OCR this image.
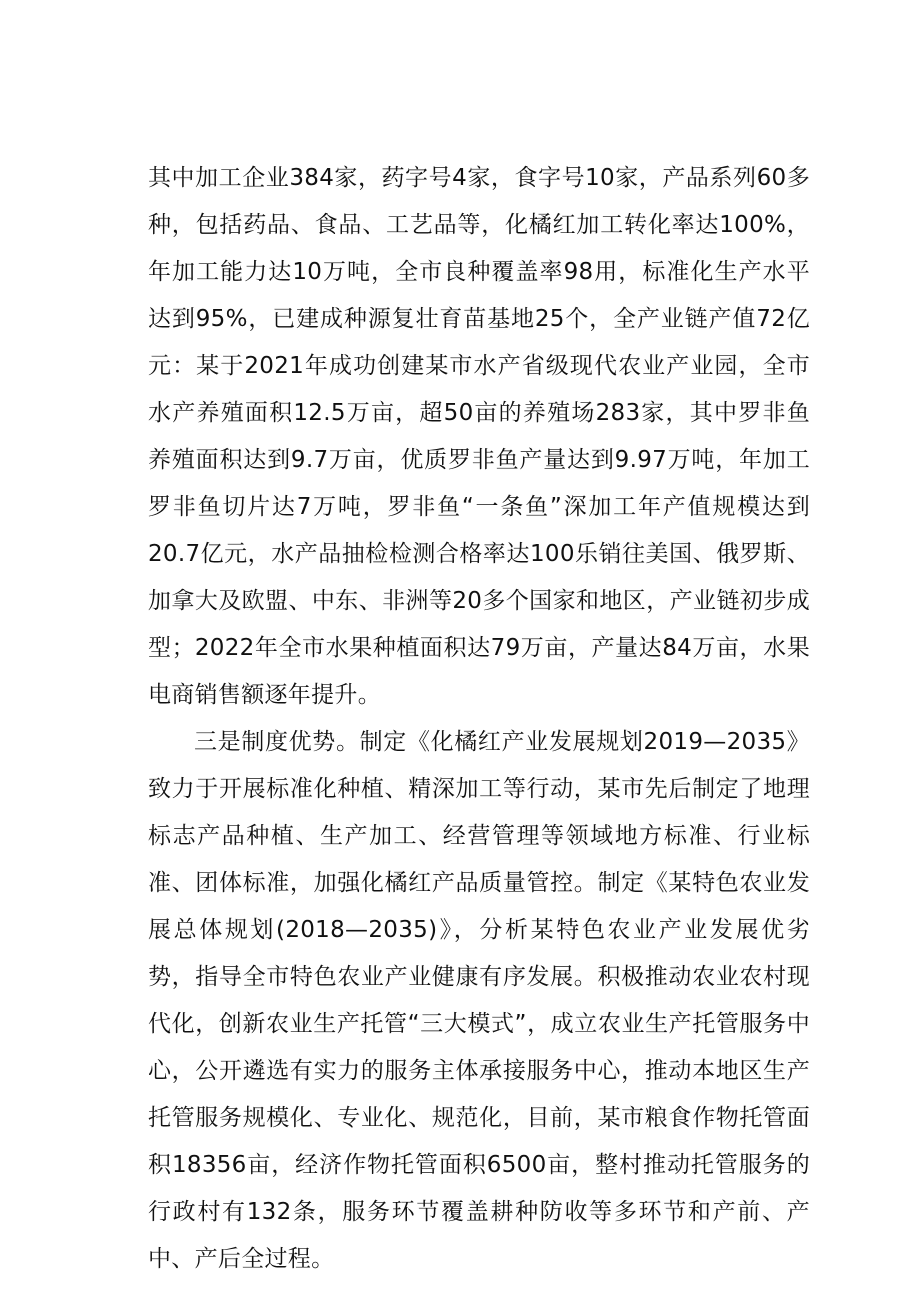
其中加工企业384家，药字号4家，食字号10家，产品系列60多种，包括药品、食品、工艺品等，化橘红加工转化率达100%，年加工能力达10万吨，全市良种覆盖率98用，标准化生产水平达到95%，已建成种源复壮育苗基地25个，全产业链产值72亿元：某于2021年成功创建某市水产省级现代农业产业园，全市水产养殖面积12.5万亩，超50亩的养殖场283家，其中罗非鱼养殖面积达到9.7万亩，优质罗非鱼产量达到9.97万吨，年加工罗非鱼切片达7万吨，罗非鱼“一条鱼”深加工年产值规模达到20.7亿元，水产品抽检检测合格率达100乐销往美国、俄罗斯、加拿大及欧盟、中东、非洲等20多个国家和地区，产业链初步成型；2022年全市水果种植面积达79万亩，产量达84万亩，水果电商销售额逐年提升。

三是制度优势。制定《化橘红产业发展规划2019—2035》致力于开展标准化种植、精深加工等行动，某市先后制定了地理标志产品种植、生产加工、经营管理等领域地方标准、行业标准、团体标准，加强化橘红产品质量管控。制定《某特色农业发展总体规划(2018—2035)》，分析某特色农业产业发展优劣势，指导全市特色农业产业健康有序发展。积极推动农业农村现代化，创新农业生产托管“三大模式”，成立农业生产托管服务中心，公开遴选有实力的服务主体承接服务中心，推动本地区生产托管服务规模化、专业化、规范化，目前，某市粮食作物托管面积18356亩，经济作物托管面积6500亩，整村推动托管服务的行政村有132条，服务环节覆盖耕种防收等多环节和产前、产中、产后全过程。
